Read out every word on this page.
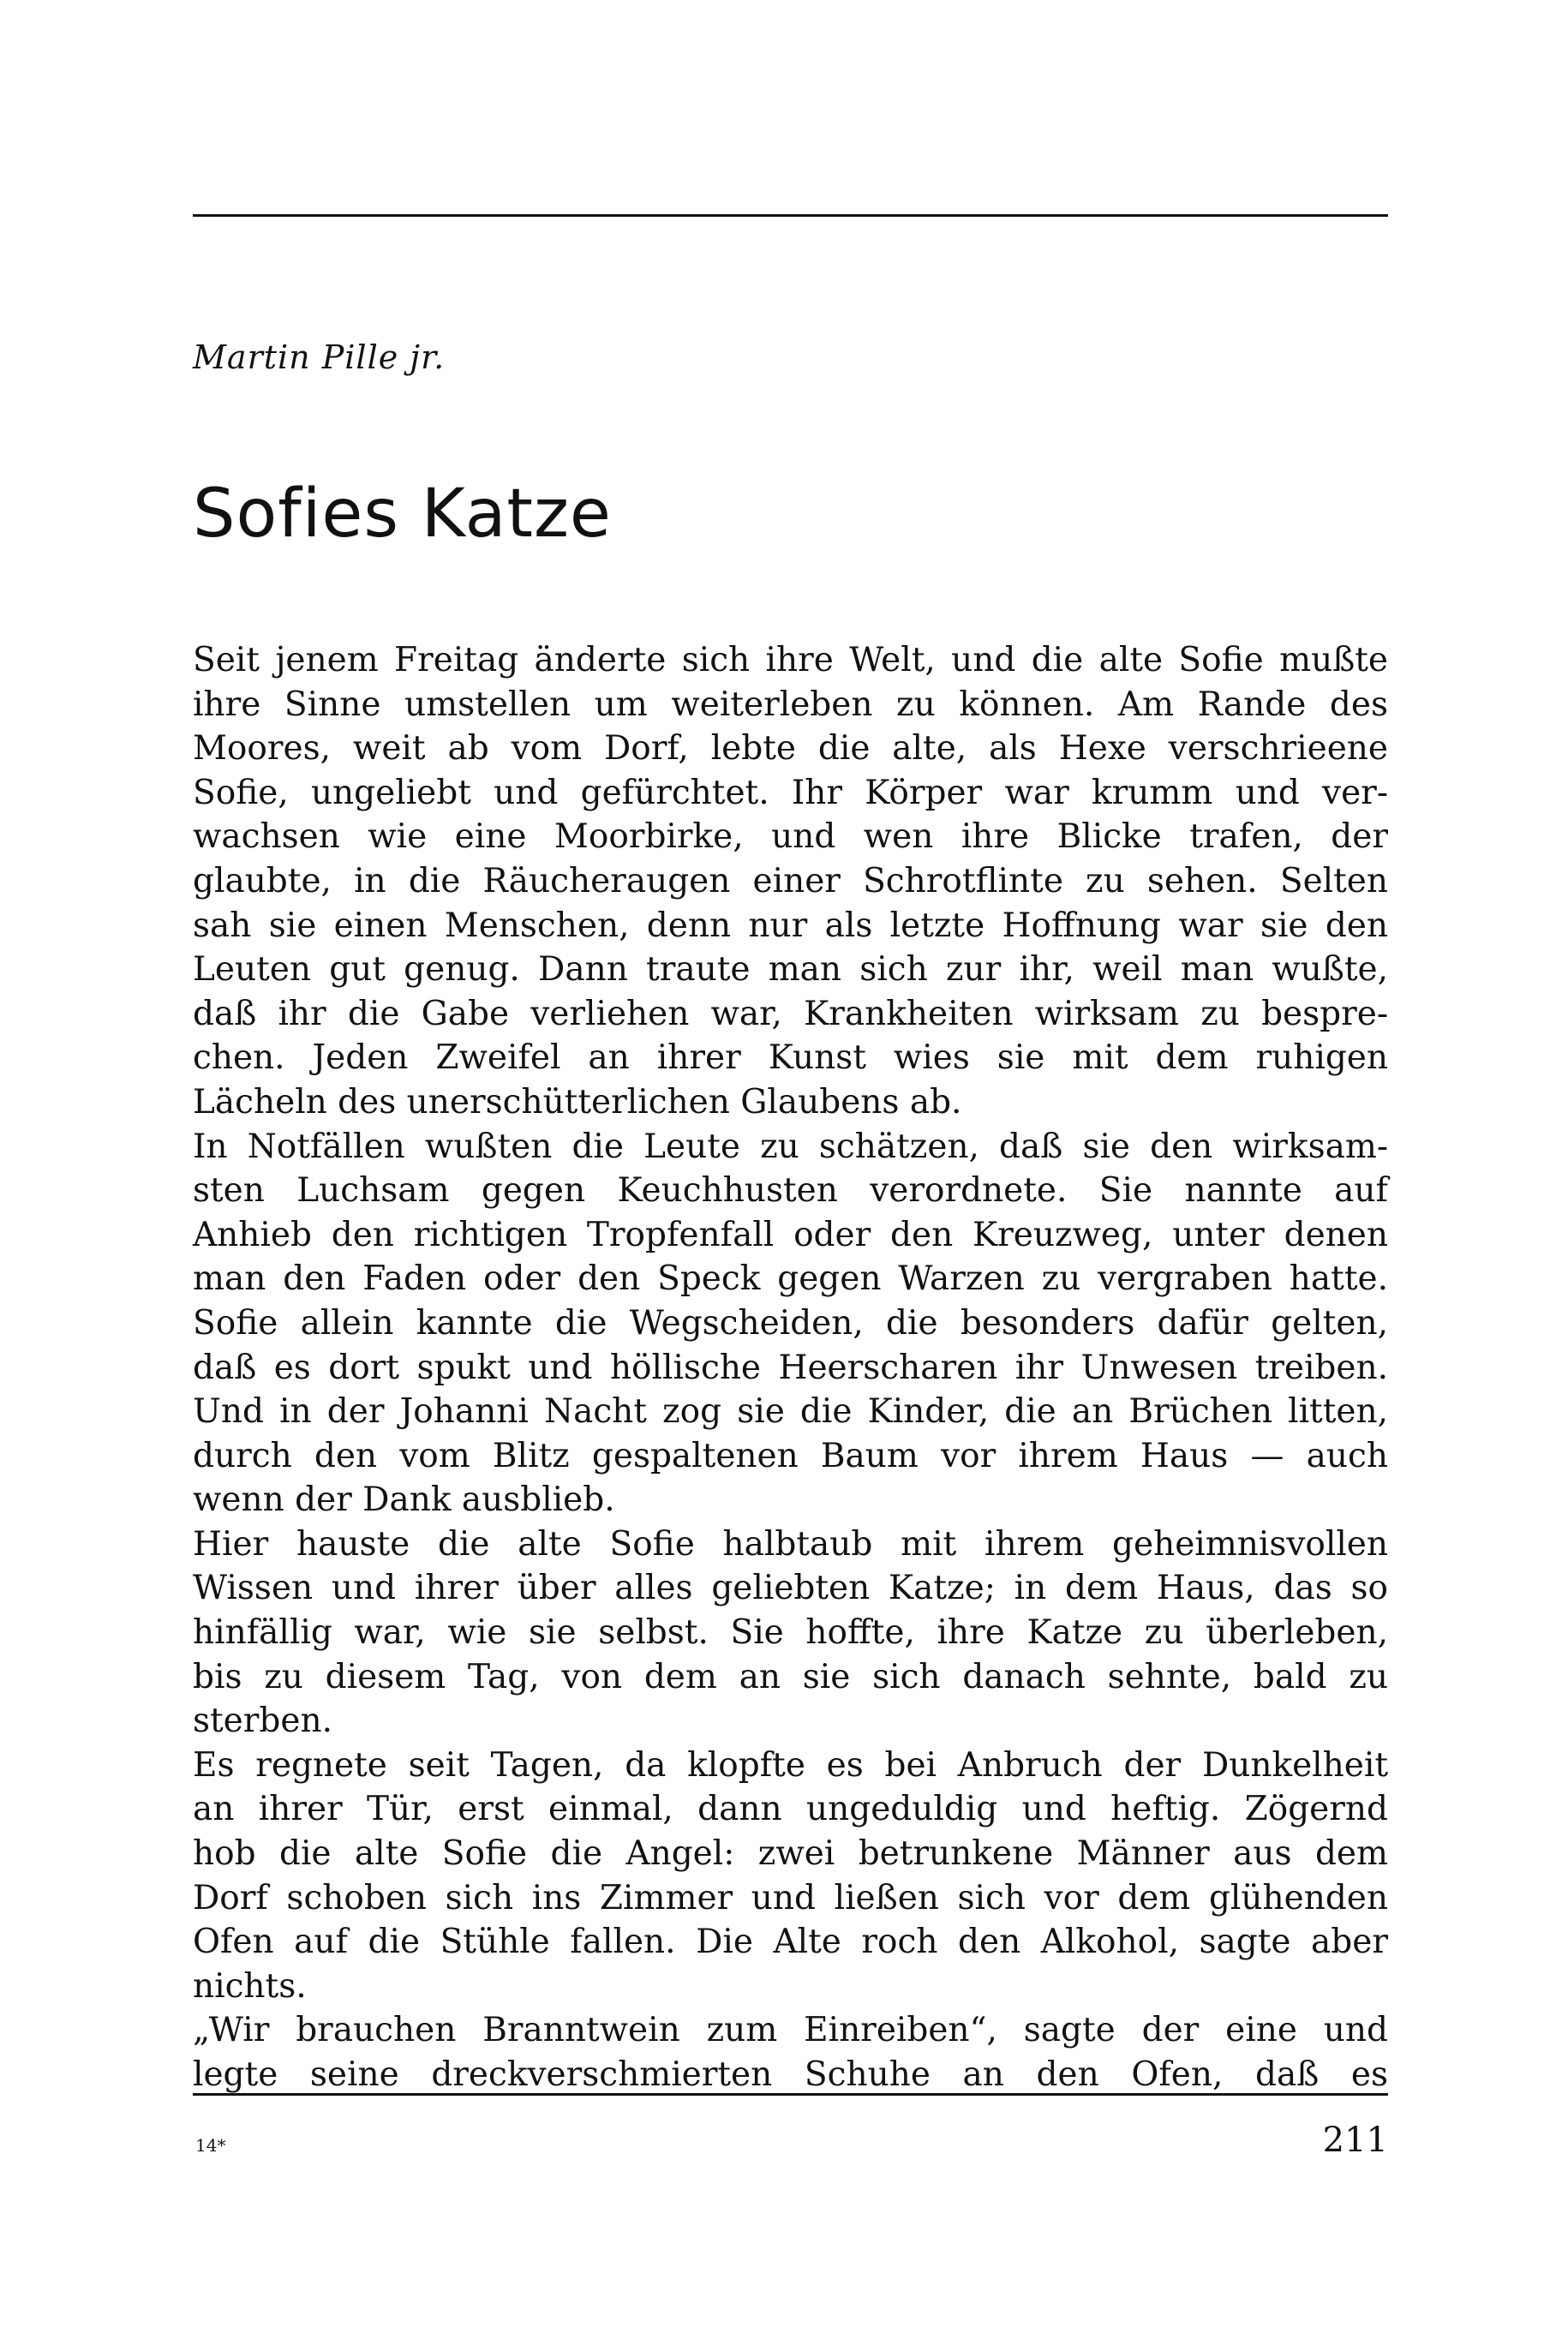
Martin Pille jr.
Sofies Katze
Seit jenem Freitag änderte sich ihre Welt, und die alte Sofie mußte
ihre Sinne umstellen um weiterleben zu können. Am Rande des
Moores, weit ab vom Dorf, lebte die alte, als Hexe verschrieene
Sofie, ungeliebt und gefürchtet. Ihr Körper war krumm und ver-
wachsen wie eine Moorbirke, und wen ihre Blicke trafen, der
glaubte, in die Räucheraugen einer Schrotflinte zu sehen. Selten
sah sie einen Menschen, denn nur als letzte Hoffnung war sie den
Leuten gut genug. Dann traute man sich zur ihr, weil man wußte,
daß ihr die Gabe verliehen war, Krankheiten wirksam zu bespre-
chen. Jeden Zweifel an ihrer Kunst wies sie mit dem ruhigen
Lächeln des unerschütterlichen Glaubens ab.
In Notfällen wußten die Leute zu schätzen, daß sie den wirksam-
sten Luchsam gegen Keuchhusten verordnete. Sie nannte auf
Anhieb den richtigen Tropfenfall oder den Kreuzweg, unter denen
man den Faden oder den Speck gegen Warzen zu vergraben hatte.
Sofie allein kannte die Wegscheiden, die besonders dafür gelten,
daß es dort spukt und höllische Heerscharen ihr Unwesen treiben.
Und in der Johanni Nacht zog sie die Kinder, die an Brüchen litten,
durch den vom Blitz gespaltenen Baum vor ihrem Haus — auch
wenn der Dank ausblieb.
Hier hauste die alte Sofie halbtaub mit ihrem geheimnisvollen
Wissen und ihrer über alles geliebten Katze; in dem Haus, das so
hinfällig war, wie sie selbst. Sie hoffte, ihre Katze zu überleben,
bis zu diesem Tag, von dem an sie sich danach sehnte, bald zu
sterben.
Es regnete seit Tagen, da klopfte es bei Anbruch der Dunkelheit
an ihrer Tür, erst einmal, dann ungeduldig und heftig. Zögernd
hob die alte Sofie die Angel: zwei betrunkene Männer aus dem
Dorf schoben sich ins Zimmer und ließen sich vor dem glühenden
Ofen auf die Stühle fallen. Die Alte roch den Alkohol, sagte aber
nichts.
„Wir brauchen Branntwein zum Einreiben“, sagte der eine und
legte seine dreckverschmierten Schuhe an den Ofen, daß es
14*	211
